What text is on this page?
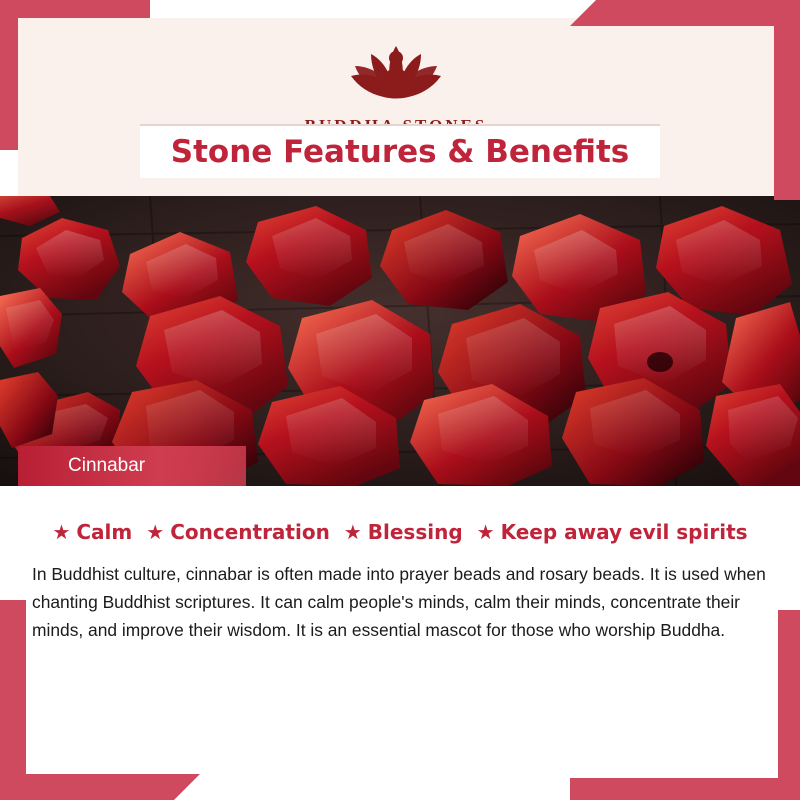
Stone Features & Benefits
Cinnabar
★ Calm ★ Concentration ★ Blessing ★ Keep away evil spirits

In Buddhist culture, cinnabar is often made into prayer beads and rosary beads. It is used when chanting Buddhist scriptures. It can calm people's minds, calm their minds, concentrate their minds, and improve their wisdom. It is an essential mascot for those who worship Buddha.
